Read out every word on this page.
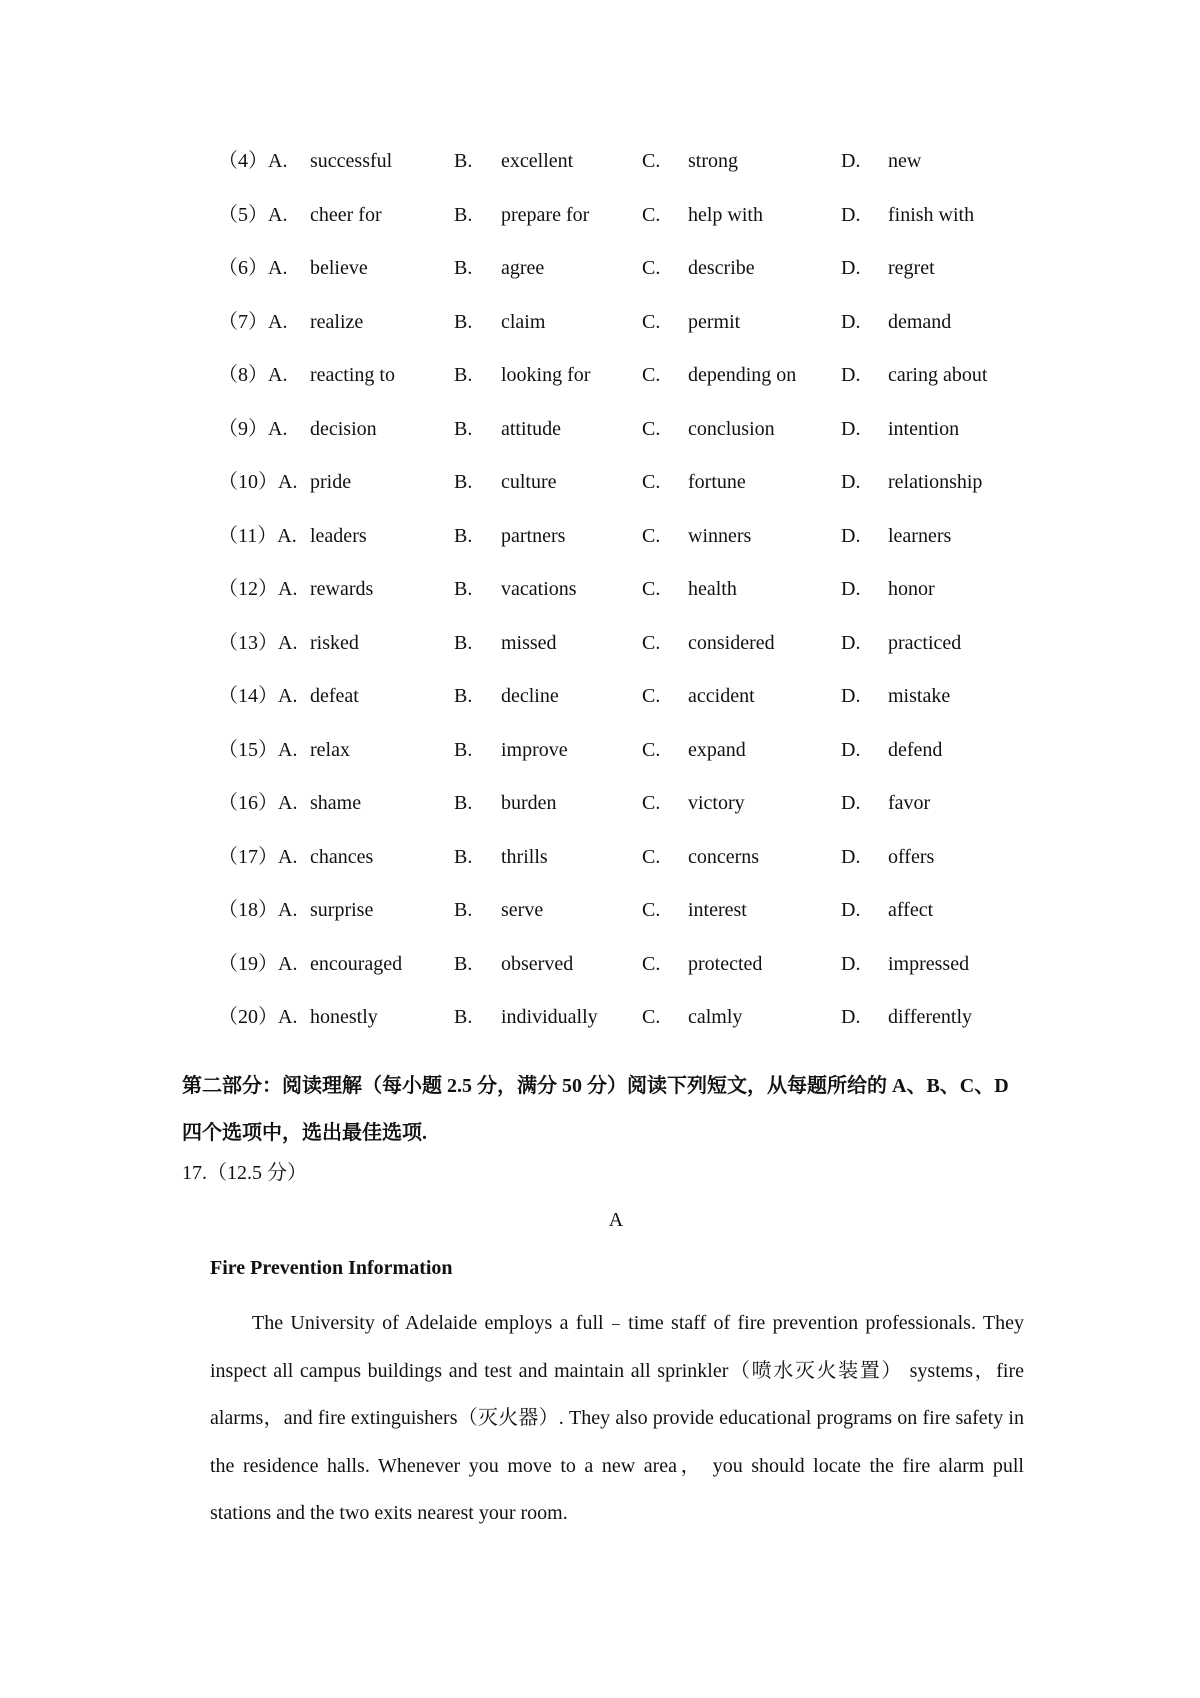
（4）A. successful	B. excellent	C. strong	D. new
（5）A. cheer for	B. prepare for	C. help with	D. finish with
（6）A. believe	B. agree	C. describe	D. regret
（7）A. realize	B. claim	C. permit	D. demand
（8）A. reacting to	B. looking for	C. depending on D. caring about
（9）A. decision	B. attitude	C. conclusion	D. intention
（10）A. pride	B. culture	C. fortune	D. relationship
（11）A. leaders	B. partners	C. winners	D. learners
（12）A. rewards	B. vacations	C. health	D. honor
（13）A. risked	B. missed	C. considered	D. practiced
（14）A. defeat	B. decline	C. accident	D. mistake
（15）A. relax	B. improve	C. expand	D. defend
（16）A. shame	B. burden	C. victory	D. favor
（17）A. chances	B. thrills	C. concerns	D. offers
（18）A. surprise	B. serve	C. interest	D. affect
（19）A. encouraged	B. observed	C. protected	D. impressed
（20）A. honestly	B. individually C. calmly	D. differently
第二部分：阅读理解（每小题 2.5 分，满分 50 分）阅读下列短文，从每题所给的 A、B、C、D 四个选项中，选出最佳选项.
17.（12.5 分）
A
Fire Prevention Information
The University of Adelaide employs a full﹣time staff of fire prevention professionals. They inspect all campus buildings and test and maintain all sprinkler（喷水灭火装置） systems，fire alarms，and fire extinguishers（灭火器）. They also provide educational programs on fire safety in the residence halls. Whenever you move to a new area， you should locate the fire alarm pull stations and the two exits nearest your room.
